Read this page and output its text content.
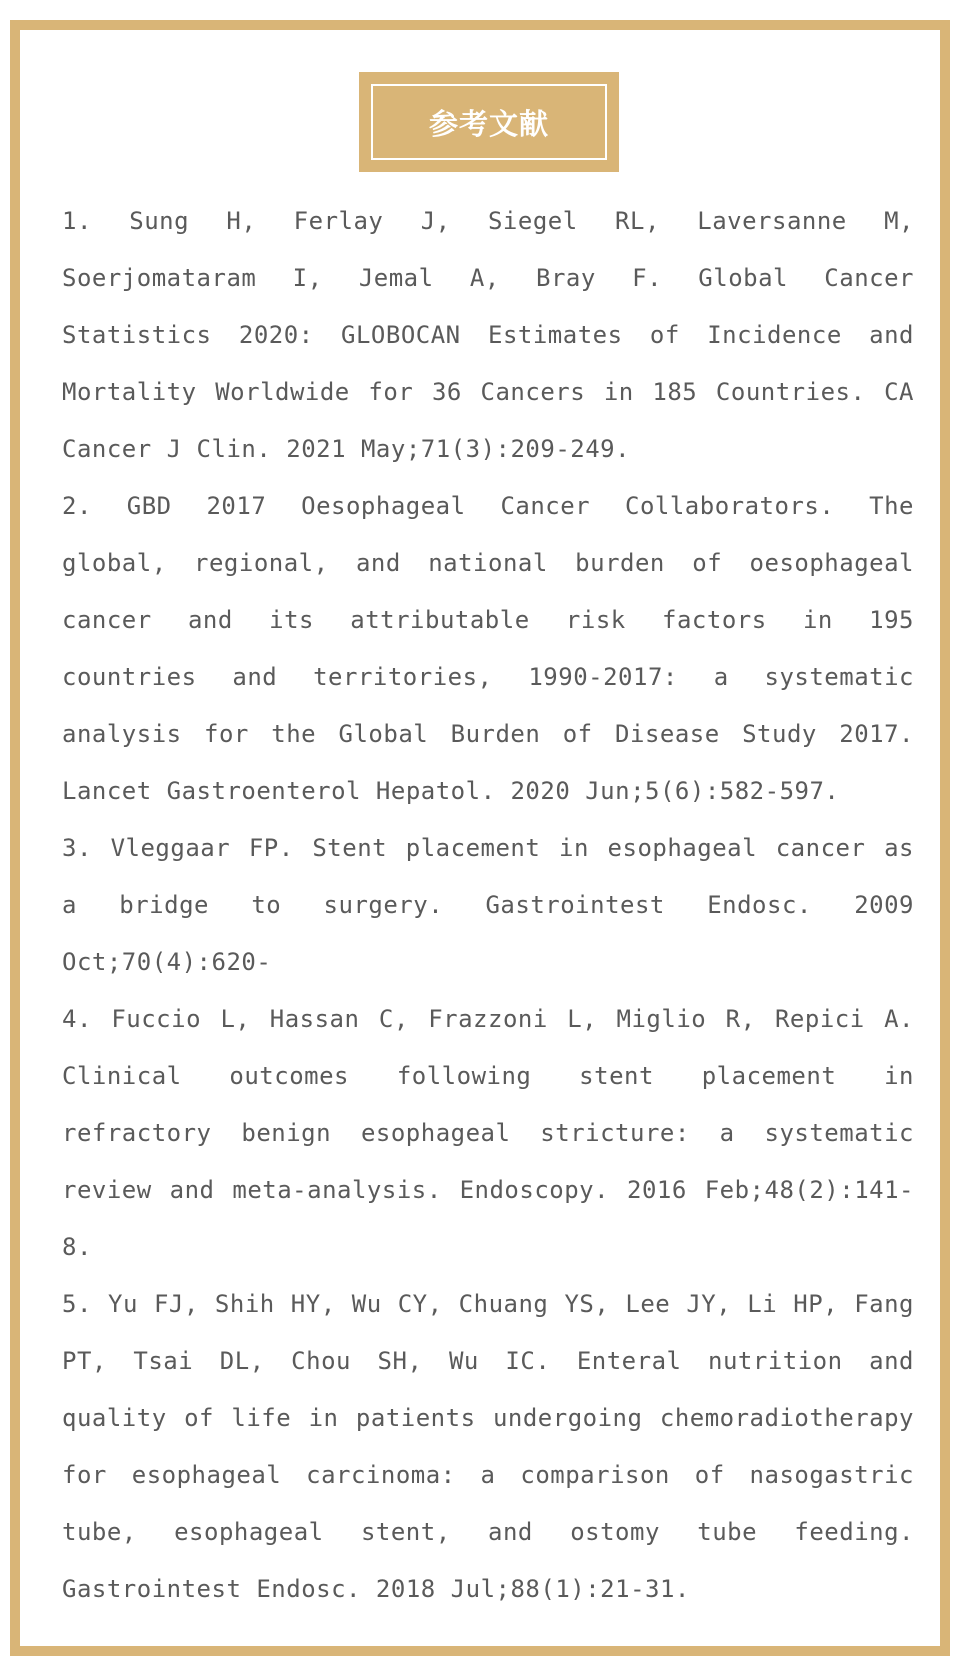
参考文献

1. Sung H, Ferlay J, Siegel RL, Laversanne M, Soerjomataram I, Jemal A, Bray F. Global Cancer Statistics 2020: GLOBOCAN Estimates of Incidence and Mortality Worldwide for 36 Cancers in 185 Countries. CA Cancer J Clin. 2021 May;71(3):209-249.

2. GBD 2017 Oesophageal Cancer Collaborators. The global, regional, and national burden of oesophageal cancer and its attributable risk factors in 195 countries and territories, 1990-2017: a systematic analysis for the Global Burden of Disease Study 2017. Lancet Gastroenterol Hepatol. 2020 Jun;5(6):582-597.

3. Vleggaar FP. Stent placement in esophageal cancer as a bridge to surgery. Gastrointest Endosc. 2009 Oct;70(4):620-

4. Fuccio L, Hassan C, Frazzoni L, Miglio R, Repici A. Clinical outcomes following stent placement in refractory benign esophageal stricture: a systematic review and meta-analysis. Endoscopy. 2016 Feb;48(2):141-8.

5. Yu FJ, Shih HY, Wu CY, Chuang YS, Lee JY, Li HP, Fang PT, Tsai DL, Chou SH, Wu IC. Enteral nutrition and quality of life in patients undergoing chemoradiotherapy for esophageal carcinoma: a comparison of nasogastric tube, esophageal stent, and ostomy tube feeding. Gastrointest Endosc. 2018 Jul;88(1):21-31.
